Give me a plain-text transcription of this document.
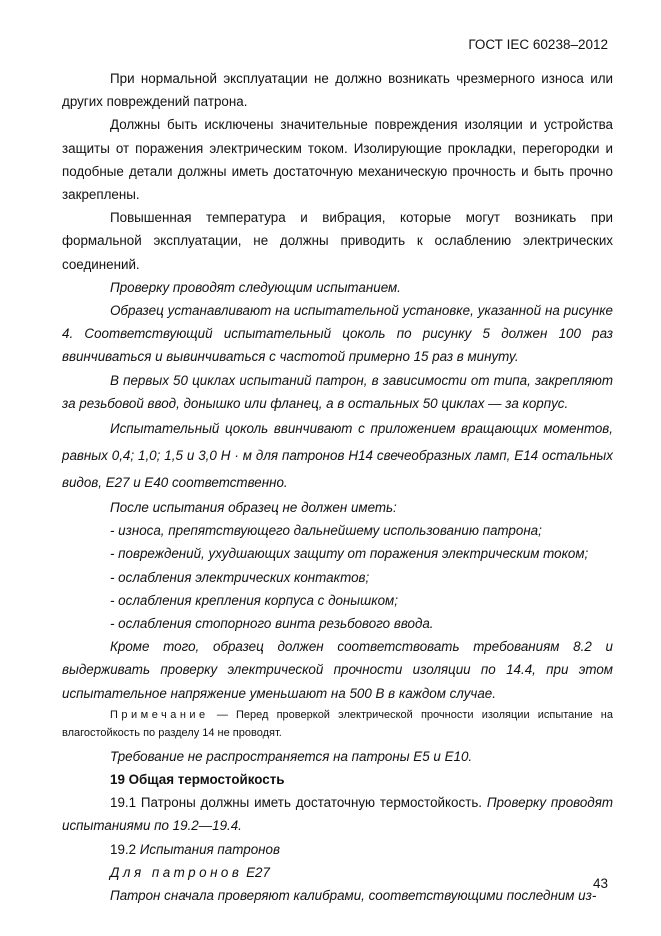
ГОСТ IEC 60238–2012

При нормальной эксплуатации не должно возникать чрезмерного износа или других повреждений патрона.

Должны быть исключены значительные повреждения изоляции и устройства защиты от поражения электрическим током. Изолирующие прокладки, перегородки и подобные детали должны иметь достаточную механическую прочность и быть прочно закреплены.

Повышенная температура и вибрация, которые могут возникать при формальной эксплуатации, не должны приводить к ослаблению электрических соединений.

Проверку проводят следующим испытанием.

Образец устанавливают на испытательной установке, указанной на рисунке 4. Соответствующий испытательный цоколь по рисунку 5 должен 100 раз ввинчиваться и вывинчиваться с частотой примерно 15 раз в минуту.

В первых 50 циклах испытаний патрон, в зависимости от типа, закрепляют за резьбовой ввод, донышко или фланец, а в остальных 50 циклах — за корпус.

Испытательный цоколь ввинчивают с приложением вращающих моментов, равных 0,4; 1,0; 1,5 и 3,0 Н · м для патронов Н14 свечеобразных ламп, Е14 остальных видов, Е27 и Е40 соответственно.

После испытания образец не должен иметь:

- износа, препятствующего дальнейшему использованию патрона;

- повреждений, ухудшающих защиту от поражения электрическим током;

- ослабления электрических контактов;

- ослабления крепления корпуса с донышком;

- ослабления стопорного винта резьбового ввода.

Кроме того, образец должен соответствовать требованиям 8.2 и выдерживать проверку электрической прочности изоляции по 14.4, при этом испытательное напряжение уменьшают на 500 В в каждом случае.

Примечание — Перед проверкой электрической прочности изоляции испытание на влагостойкость по разделу 14 не проводят.

Требование не распространяется на патроны Е5 и Е10.

19 Общая термостойкость

19.1 Патроны должны иметь достаточную термостойкость. Проверку проводят испытаниями по 19.2—19.4.

19.2 Испытания патронов

Для патронов Е27

Патрон сначала проверяют калибрами, соответствующими последним из-

43
